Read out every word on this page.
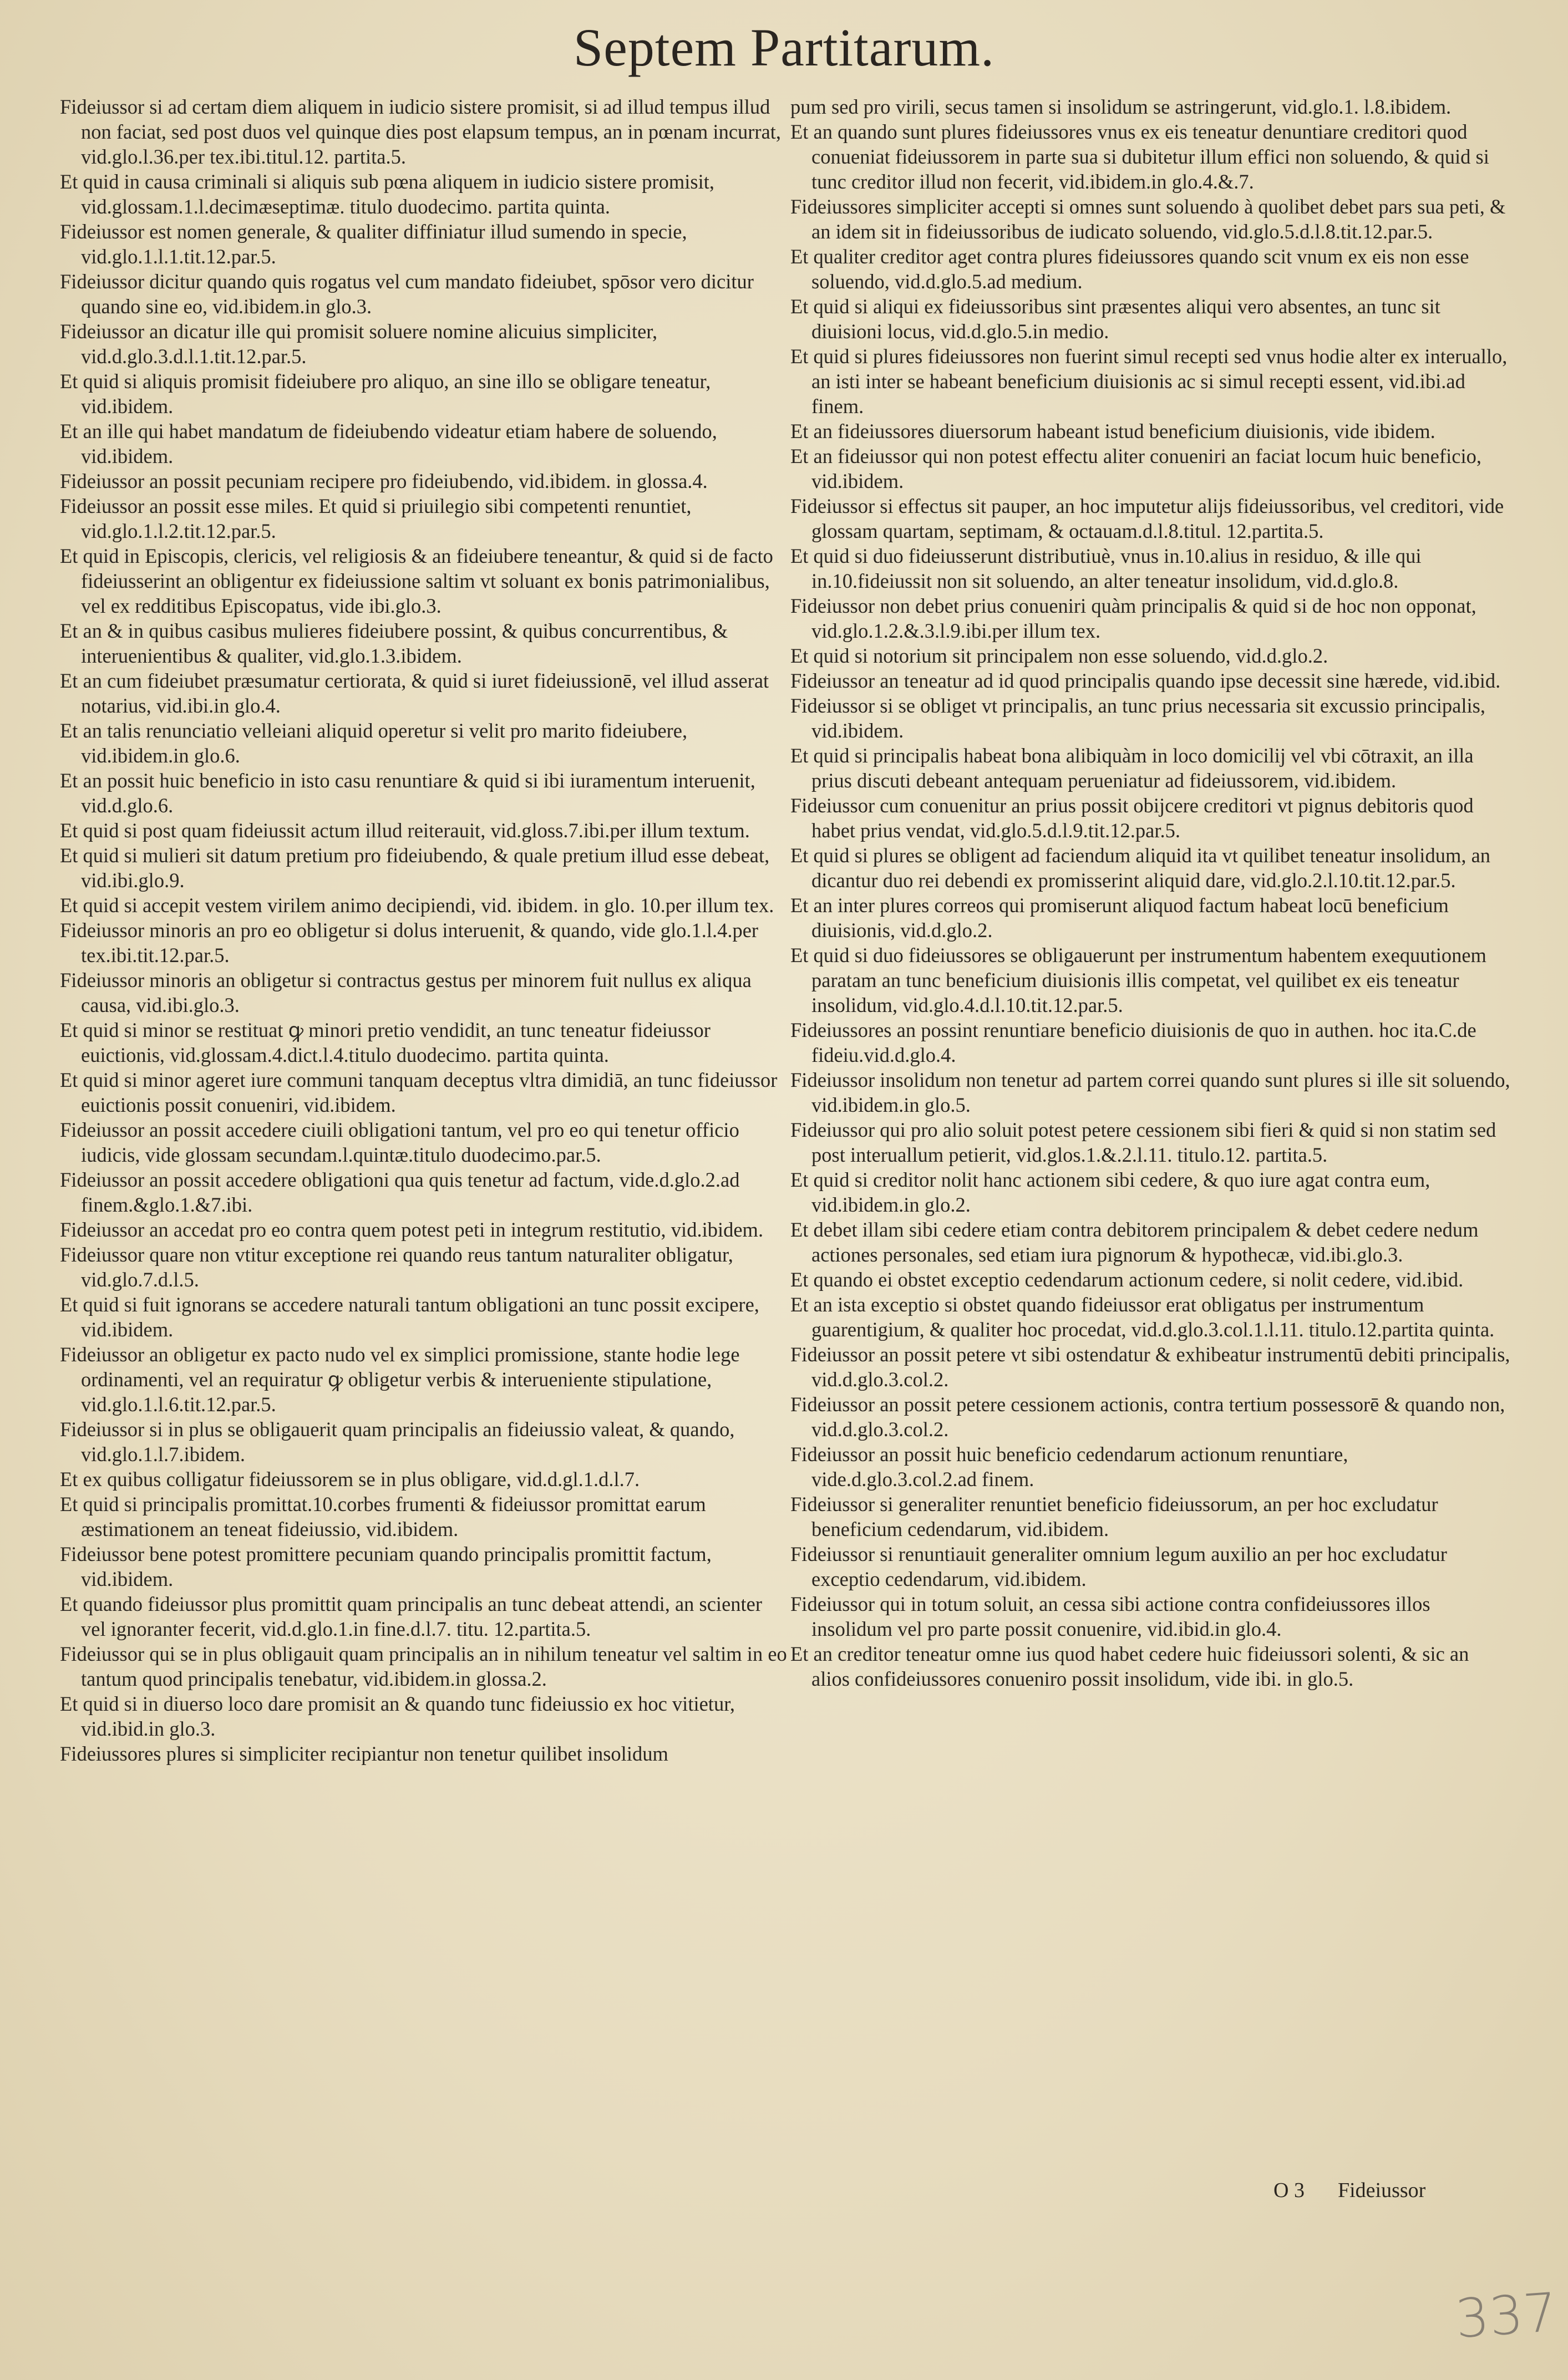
Septem Partitarum.

Fideiussor si ad certam diem aliquem in iudicio sistere promisit, si ad illud tempus illud non faciat, sed post duos vel quinque dies post elapsum tempus, an in pœnam incurrat, vid.glo.l.36.per tex.ibi.titul.12. partita.5.

Et quid in causa criminali si aliquis sub pœna aliquem in iudicio sistere promisit, vid.glossam.1.l.decimæseptimæ. titulo duodecimo. partita quinta.

Fideiussor est nomen generale, & qualiter diffiniatur illud sumendo in specie, vid.glo.1.l.1.tit.12.par.5.

Fideiussor dicitur quando quis rogatus vel cum mandato fideiubet, spōsor vero dicitur quando sine eo, vid.ibidem.in glo.3.

Fideiussor an dicatur ille qui promisit soluere nomine alicuius simpliciter, vid.d.glo.3.d.l.1.tit.12.par.5.

Et quid si aliquis promisit fideiubere pro aliquo, an sine illo se obligare teneatur, vid.ibidem.

Et an ille qui habet mandatum de fideiubendo videatur etiam habere de soluendo, vid.ibidem.

Fideiussor an possit pecuniam recipere pro fideiubendo, vid.ibidem. in glossa.4.

Fideiussor an possit esse miles. Et quid si priuilegio sibi competenti renuntiet, vid.glo.1.l.2.tit.12.par.5.

Et quid in Episcopis, clericis, vel religiosis & an fideiubere teneantur, & quid si de facto fideiusserint an obligentur ex fideiussione saltim vt soluant ex bonis patrimonialibus, vel ex redditibus Episcopatus, vide ibi.glo.3.

Et an & in quibus casibus mulieres fideiubere possint, & quibus concurrentibus, & interuenientibus & qualiter, vid.glo.1.3.ibidem.

Et an cum fideiubet præsumatur certiorata, & quid si iuret fideiussionē, vel illud asserat notarius, vid.ibi.in glo.4.

Et an talis renunciatio velleiani aliquid operetur si velit pro marito fideiubere, vid.ibidem.in glo.6.

Et an possit huic beneficio in isto casu renuntiare & quid si ibi iuramentum interuenit, vid.d.glo.6.

Et quid si post quam fideiussit actum illud reiterauit, vid.gloss.7.ibi.per illum textum.

Et quid si mulieri sit datum pretium pro fideiubendo, & quale pretium illud esse debeat, vid.ibi.glo.9.

Et quid si accepit vestem virilem animo decipiendi, vid. ibidem. in glo. 10.per illum tex.

Fideiussor minoris an pro eo obligetur si dolus interuenit, & quando, vide glo.1.l.4.per tex.ibi.tit.12.par.5.

Fideiussor minoris an obligetur si contractus gestus per minorem fuit nullus ex aliqua causa, vid.ibi.glo.3.

Et quid si minor se restituat ꝙ minori pretio vendidit, an tunc teneatur fideiussor euictionis, vid.glossam.4.dict.l.4.titulo duodecimo. partita quinta.

Et quid si minor ageret iure communi tanquam deceptus vltra dimidiā, an tunc fideiussor euictionis possit conueniri, vid.ibidem.

Fideiussor an possit accedere ciuili obligationi tantum, vel pro eo qui tenetur officio iudicis, vide glossam secundam.l.quintæ.titulo duodecimo.par.5.

Fideiussor an possit accedere obligationi qua quis tenetur ad factum, vide.d.glo.2.ad finem.&glo.1.&7.ibi.

Fideiussor an accedat pro eo contra quem potest peti in integrum restitutio, vid.ibidem.

Fideiussor quare non vtitur exceptione rei quando reus tantum naturaliter obligatur, vid.glo.7.d.l.5.

Et quid si fuit ignorans se accedere naturali tantum obligationi an tunc possit excipere, vid.ibidem.

Fideiussor an obligetur ex pacto nudo vel ex simplici promissione, stante hodie lege ordinamenti, vel an requiratur ꝙ obligetur verbis & interueniente stipulatione, vid.glo.1.l.6.tit.12.par.5.

Fideiussor si in plus se obligauerit quam principalis an fideiussio valeat, & quando, vid.glo.1.l.7.ibidem.

Et ex quibus colligatur fideiussorem se in plus obligare, vid.d.gl.1.d.l.7.

Et quid si principalis promittat.10.corbes frumenti & fideiussor promittat earum æstimationem an teneat fideiussio, vid.ibidem.

Fideiussor bene potest promittere pecuniam quando principalis promittit factum, vid.ibidem.

Et quando fideiussor plus promittit quam principalis an tunc debeat attendi, an scienter vel ignoranter fecerit, vid.d.glo.1.in fine.d.l.7. titu. 12.partita.5.

Fideiussor qui se in plus obligauit quam principalis an in nihilum teneatur vel saltim in eo tantum quod principalis tenebatur, vid.ibidem.in glossa.2.

Et quid si in diuerso loco dare promisit an & quando tunc fideiussio ex hoc vitietur, vid.ibid.in glo.3.

Fideiussores plures si simpliciter recipiantur non tenetur quilibet insolidum

pum sed pro virili, secus tamen si insolidum se astringerunt, vid.glo.1. l.8.ibidem.

Et an quando sunt plures fideiussores vnus ex eis teneatur denuntiare creditori quod conueniat fideiussorem in parte sua si dubitetur illum effici non soluendo, & quid si tunc creditor illud non fecerit, vid.ibidem.in glo.4.&.7.

Fideiussores simpliciter accepti si omnes sunt soluendo à quolibet debet pars sua peti, & an idem sit in fideiussoribus de iudicato soluendo, vid.glo.5.d.l.8.tit.12.par.5.

Et qualiter creditor aget contra plures fideiussores quando scit vnum ex eis non esse soluendo, vid.d.glo.5.ad medium.

Et quid si aliqui ex fideiussoribus sint præsentes aliqui vero absentes, an tunc sit diuisioni locus, vid.d.glo.5.in medio.

Et quid si plures fideiussores non fuerint simul recepti sed vnus hodie alter ex interuallo, an isti inter se habeant beneficium diuisionis ac si simul recepti essent, vid.ibi.ad finem.

Et an fideiussores diuersorum habeant istud beneficium diuisionis, vide ibidem.

Et an fideiussor qui non potest effectu aliter conueniri an faciat locum huic beneficio, vid.ibidem.

Fideiussor si effectus sit pauper, an hoc imputetur alijs fideiussoribus, vel creditori, vide glossam quartam, septimam, & octauam.d.l.8.titul. 12.partita.5.

Et quid si duo fideiusserunt distributiuè, vnus in.10.alius in residuo, & ille qui in.10.fideiussit non sit soluendo, an alter teneatur insolidum, vid.d.glo.8.

Fideiussor non debet prius conueniri quàm principalis & quid si de hoc non opponat, vid.glo.1.2.&.3.l.9.ibi.per illum tex.

Et quid si notorium sit principalem non esse soluendo, vid.d.glo.2.

Fideiussor an teneatur ad id quod principalis quando ipse decessit sine hærede, vid.ibid.

Fideiussor si se obliget vt principalis, an tunc prius necessaria sit excussio principalis, vid.ibidem.

Et quid si principalis habeat bona alibiquàm in loco domicilij vel vbi cōtraxit, an illa prius discuti debeant antequam perueniatur ad fideiussorem, vid.ibidem.

Fideiussor cum conuenitur an prius possit obijcere creditori vt pignus debitoris quod habet prius vendat, vid.glo.5.d.l.9.tit.12.par.5.

Et quid si plures se obligent ad faciendum aliquid ita vt quilibet teneatur insolidum, an dicantur duo rei debendi ex promisserint aliquid dare, vid.glo.2.l.10.tit.12.par.5.

Et an inter plures correos qui promiserunt aliquod factum habeat locū beneficium diuisionis, vid.d.glo.2.

Et quid si duo fideiussores se obligauerunt per instrumentum habentem exequutionem paratam an tunc beneficium diuisionis illis competat, vel quilibet ex eis teneatur insolidum, vid.glo.4.d.l.10.tit.12.par.5.

Fideiussores an possint renuntiare beneficio diuisionis de quo in authen. hoc ita.C.de fideiu.vid.d.glo.4.

Fideiussor insolidum non tenetur ad partem correi quando sunt plures si ille sit soluendo, vid.ibidem.in glo.5.

Fideiussor qui pro alio soluit potest petere cessionem sibi fieri & quid si non statim sed post interuallum petierit, vid.glos.1.&.2.l.11. titulo.12. partita.5.

Et quid si creditor nolit hanc actionem sibi cedere, & quo iure agat contra eum, vid.ibidem.in glo.2.

Et debet illam sibi cedere etiam contra debitorem principalem & debet cedere nedum actiones personales, sed etiam iura pignorum & hypothecæ, vid.ibi.glo.3.

Et quando ei obstet exceptio cedendarum actionum cedere, si nolit cedere, vid.ibid.

Et an ista exceptio si obstet quando fideiussor erat obligatus per instrumentum guarentigium, & qualiter hoc procedat, vid.d.glo.3.col.1.l.11. titulo.12.partita quinta.

Fideiussor an possit petere vt sibi ostendatur & exhibeatur instrumentū debiti principalis, vid.d.glo.3.col.2.

Fideiussor an possit petere cessionem actionis, contra tertium possessorē & quando non, vid.d.glo.3.col.2.

Fideiussor an possit huic beneficio cedendarum actionum renuntiare, vide.d.glo.3.col.2.ad finem.

Fideiussor si generaliter renuntiet beneficio fideiussorum, an per hoc excludatur beneficium cedendarum, vid.ibidem.

Fideiussor si renuntiauit generaliter omnium legum auxilio an per hoc excludatur exceptio cedendarum, vid.ibidem.

Fideiussor qui in totum soluit, an cessa sibi actione contra confideiussores illos insolidum vel pro parte possit conuenire, vid.ibid.in glo.4.

Et an creditor teneatur omne ius quod habet cedere huic fideiussori solenti, & sic an alios confideiussores conueniro possit insolidum, vide ibi. in glo.5.

O 3 Fideiussor
337
